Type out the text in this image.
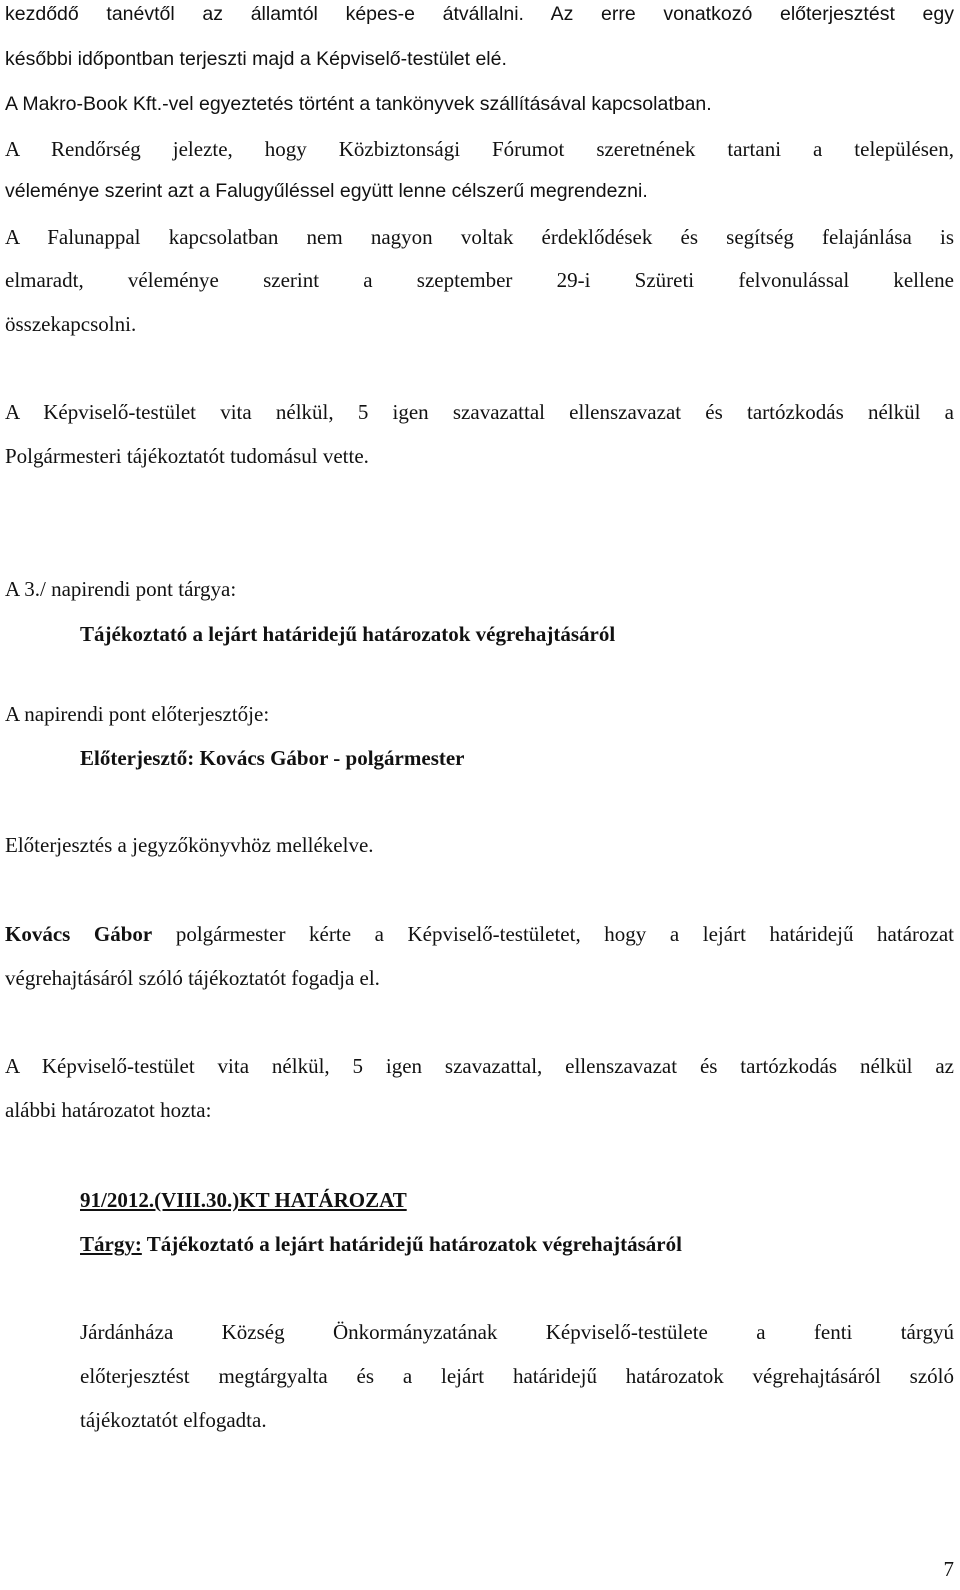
kezdődő tanévtől az államtól képes-e átvállalni. Az erre vonatkozó előterjesztést egy
későbbi időpontban terjeszti majd a Képviselő-testület elé.
A Makro-Book Kft.-vel egyeztetés történt a tankönyvek szállításával kapcsolatban.
A Rendőrség jelezte, hogy Közbiztonsági Fórumot szeretnének tartani a településen,
véleménye szerint azt a Falugyűléssel együtt lenne célszerű megrendezni.
A Falunappal kapcsolatban nem nagyon voltak érdeklődések és segítség felajánlása is
elmaradt, véleménye szerint a szeptember 29-i Szüreti felvonulással kellene
összekapcsolni.
A Képviselő-testület vita nélkül, 5 igen szavazattal ellenszavazat és tartózkodás nélkül a
Polgármesteri tájékoztatót tudomásul vette.
A 3./ napirendi pont tárgya:
Tájékoztató a lejárt határidejű határozatok végrehajtásáról
A napirendi pont előterjesztője:
Előterjesztő: Kovács Gábor - polgármester
Előterjesztés a jegyzőkönyvhöz mellékelve.
Kovács Gábor polgármester kérte a Képviselő-testületet, hogy a lejárt határidejű határozat
végrehajtásáról szóló tájékoztatót fogadja el.
A Képviselő-testület vita nélkül, 5 igen szavazattal, ellenszavazat és tartózkodás nélkül az
alábbi határozatot hozta:
91/2012.(VIII.30.)KT HATÁROZAT
Tárgy: Tájékoztató a lejárt határidejű határozatok végrehajtásáról
Járdánháza Község Önkormányzatának Képviselő-testülete a fenti tárgyú
előterjesztést megtárgyalta és a lejárt határidejű határozatok végrehajtásáról szóló
tájékoztatót elfogadta.
7
